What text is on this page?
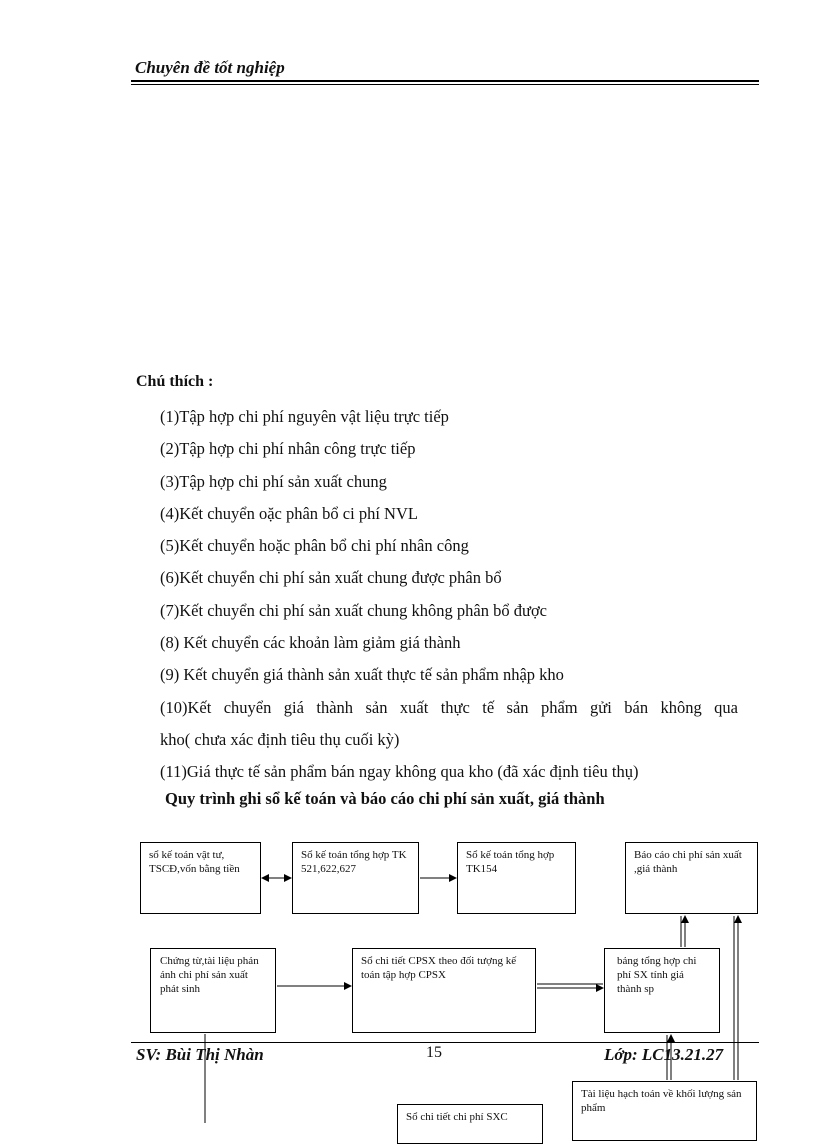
Chuyên đề tốt nghiệp
Chú thích :
(1)Tập hợp chi phí nguyên vật liệu trực tiếp
(2)Tập hợp chi phí nhân công trực tiếp
(3)Tập hợp chi phí sản xuất chung
(4)Kết chuyển oặc phân bổ ci phí NVL
(5)Kết chuyển hoặc phân bổ chi phí nhân công
(6)Kết chuyển chi phí sản xuất chung được phân bổ
(7)Kết chuyển chi phí sản xuất chung không phân bổ được
(8) Kết chuyển các khoản làm giảm giá thành
(9) Kết chuyển giá thành sản xuất thực tế sản phẩm nhập kho
(10)Kết chuyển giá thành sản xuất thực tế sản phẩm gửi bán không qua
kho( chưa xác định tiêu thụ cuối kỳ)
(11)Giá thực tế sản phẩm bán ngay không qua kho (đã xác định tiêu thụ)
Quy trình ghi sổ kế toán và báo cáo chi phí sản xuất, giá thành
sổ kế toán vật tư, TSCĐ,vốn bằng tiền
Sổ kế toán tổng hợp TK 521,622,627
Sổ kế toán tổng hợp TK154
Báo cáo chi phí sản xuất ,giá thành
Chứng từ,tài liệu phản ánh chi phí sản xuất phát sinh
Sổ chi tiết CPSX theo đối tượng kế toán tập hợp CPSX
bảng tổng hợp chi phí SX tính giá thành sp
Tài liệu hạch toán về khối lượng sản phẩm
Sổ chi tiết chi phí SXC
SV: Bùi Thị Nhàn	15	Lớp: LC13.21.27
